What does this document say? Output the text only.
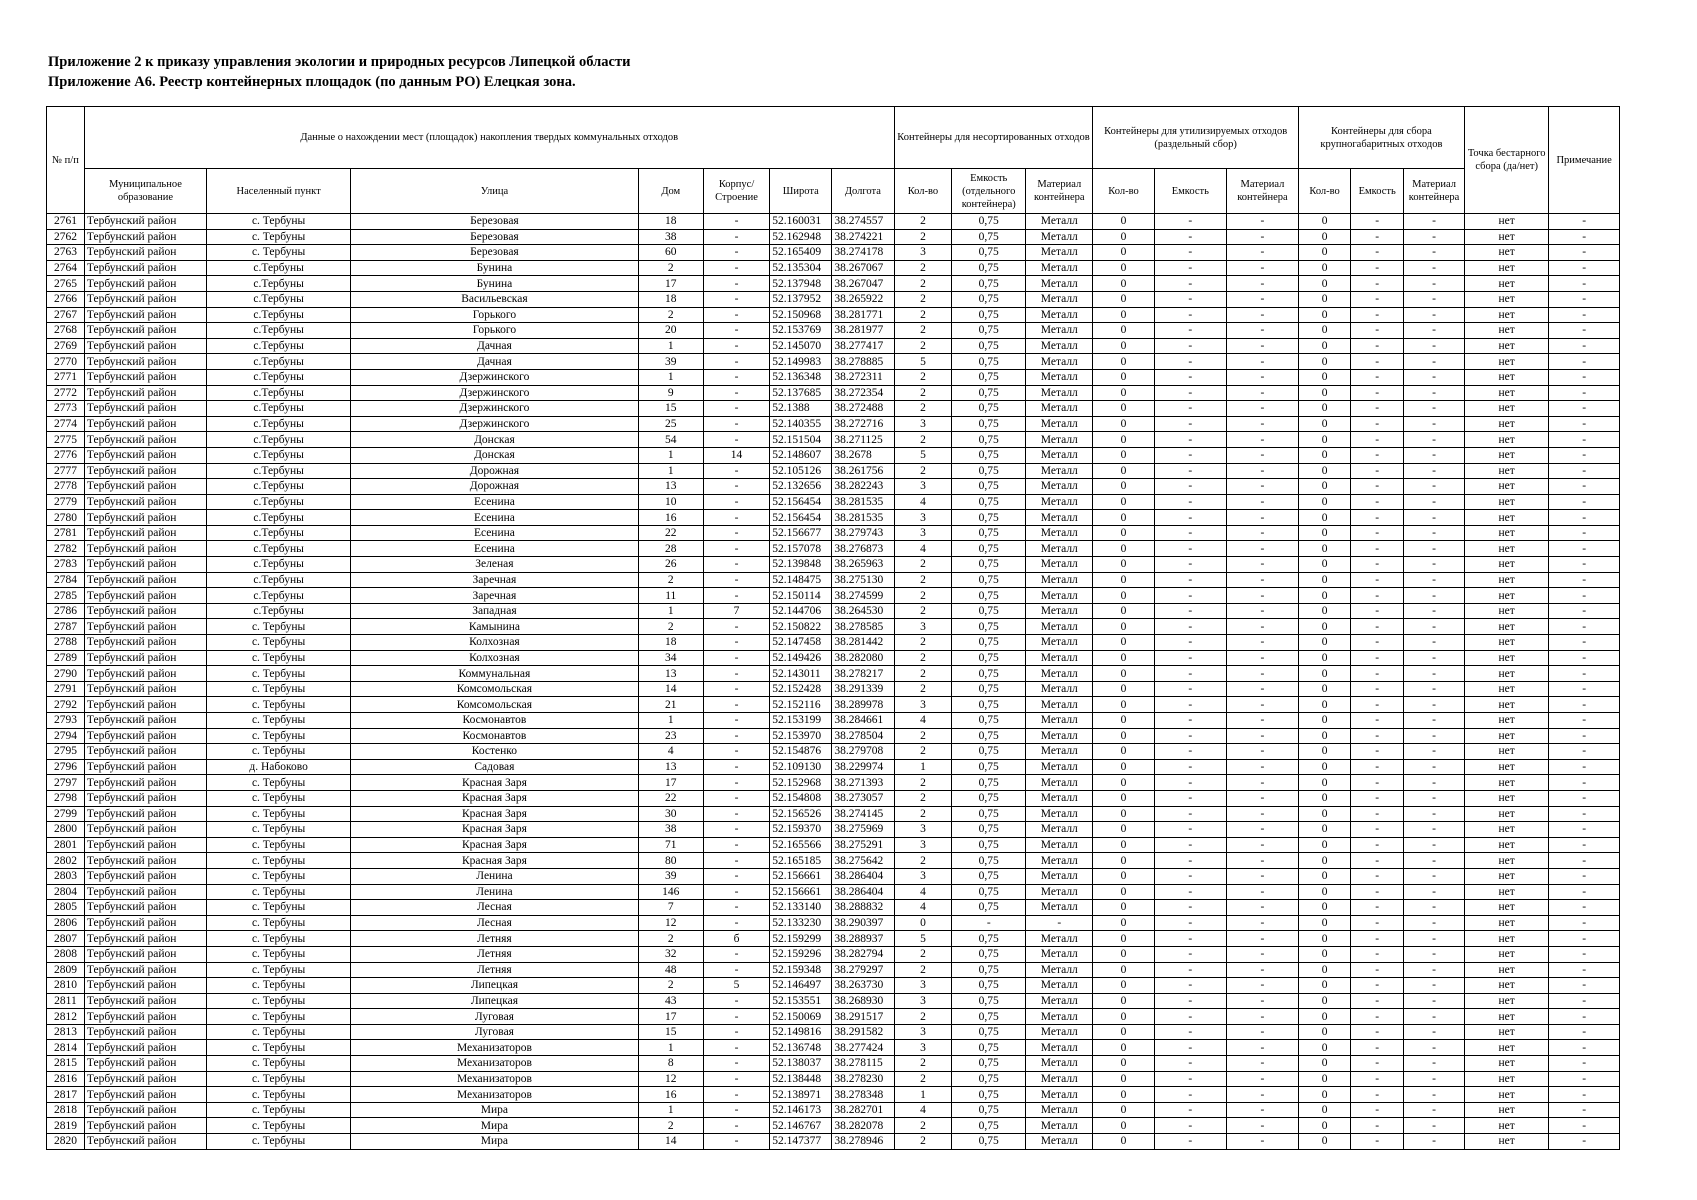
Приложение 2 к приказу управления экологии и природных ресурсов Липецкой области
Приложение А6. Реестр контейнерных площадок (по данным РО) Елецкая зона.
№ п/п	Данные о нахождении мест (площадок) накопления твердых коммунальных отходов							Контейнеры для несортированных отходов			Контейнеры для утилизируемых отходов (раздельный сбор)			Контейнеры для сбора крупногабаритных отходов			Точка бестарного сбора (да/нет)	Примечание
	Муниципальное образование	Населенный пункт	Улица	Дом	Корпус/ Строение	Широта	Долгота	Кол-во	Емкость (отдельного контейнера)	Материал контейнера	Кол-во	Емкость	Материал контейнера	Кол-во	Емкость	Материал контейнера		
2761	Тербунский район	с. Тербуны	Березовая	18	-	52.160031	38.274557	2	0,75	Металл	0	-	-	0	-	-	нет	-
2762	Тербунский район	с. Тербуны	Березовая	38	-	52.162948	38.274221	2	0,75	Металл	0	-	-	0	-	-	нет	-
2763	Тербунский район	с. Тербуны	Березовая	60	-	52.165409	38.274178	3	0,75	Металл	0	-	-	0	-	-	нет	-
2764	Тербунский район	с.Тербуны	Бунина	2	-	52.135304	38.267067	2	0,75	Металл	0	-	-	0	-	-	нет	-
2765	Тербунский район	с.Тербуны	Бунина	17	-	52.137948	38.267047	2	0,75	Металл	0	-	-	0	-	-	нет	-
2766	Тербунский район	с.Тербуны	Васильевская	18	-	52.137952	38.265922	2	0,75	Металл	0	-	-	0	-	-	нет	-
2767	Тербунский район	с.Тербуны	Горького	2	-	52.150968	38.281771	2	0,75	Металл	0	-	-	0	-	-	нет	-
2768	Тербунский район	с.Тербуны	Горького	20	-	52.153769	38.281977	2	0,75	Металл	0	-	-	0	-	-	нет	-
2769	Тербунский район	с.Тербуны	Дачная	1	-	52.145070	38.277417	2	0,75	Металл	0	-	-	0	-	-	нет	-
2770	Тербунский район	с.Тербуны	Дачная	39	-	52.149983	38.278885	5	0,75	Металл	0	-	-	0	-	-	нет	-
2771	Тербунский район	с.Тербуны	Дзержинского	1	-	52.136348	38.272311	2	0,75	Металл	0	-	-	0	-	-	нет	-
2772	Тербунский район	с.Тербуны	Дзержинского	9	-	52.137685	38.272354	2	0,75	Металл	0	-	-	0	-	-	нет	-
2773	Тербунский район	с.Тербуны	Дзержинского	15	-	52.1388	38.272488	2	0,75	Металл	0	-	-	0	-	-	нет	-
2774	Тербунский район	с.Тербуны	Дзержинского	25	-	52.140355	38.272716	3	0,75	Металл	0	-	-	0	-	-	нет	-
2775	Тербунский район	с.Тербуны	Донская	54	-	52.151504	38.271125	2	0,75	Металл	0	-	-	0	-	-	нет	-
2776	Тербунский район	с.Тербуны	Донская	1	14	52.148607	38.2678	5	0,75	Металл	0	-	-	0	-	-	нет	-
2777	Тербунский район	с.Тербуны	Дорожная	1	-	52.105126	38.261756	2	0,75	Металл	0	-	-	0	-	-	нет	-
2778	Тербунский район	с.Тербуны	Дорожная	13	-	52.132656	38.282243	3	0,75	Металл	0	-	-	0	-	-	нет	-
2779	Тербунский район	с.Тербуны	Есенина	10	-	52.156454	38.281535	4	0,75	Металл	0	-	-	0	-	-	нет	-
2780	Тербунский район	с.Тербуны	Есенина	16	-	52.156454	38.281535	3	0,75	Металл	0	-	-	0	-	-	нет	-
2781	Тербунский район	с.Тербуны	Есенина	22	-	52.156677	38.279743	3	0,75	Металл	0	-	-	0	-	-	нет	-
2782	Тербунский район	с.Тербуны	Есенина	28	-	52.157078	38.276873	4	0,75	Металл	0	-	-	0	-	-	нет	-
2783	Тербунский район	с.Тербуны	Зеленая	26	-	52.139848	38.265963	2	0,75	Металл	0	-	-	0	-	-	нет	-
2784	Тербунский район	с.Тербуны	Заречная	2	-	52.148475	38.275130	2	0,75	Металл	0	-	-	0	-	-	нет	-
2785	Тербунский район	с.Тербуны	Заречная	11	-	52.150114	38.274599	2	0,75	Металл	0	-	-	0	-	-	нет	-
2786	Тербунский район	с.Тербуны	Западная	1	7	52.144706	38.264530	2	0,75	Металл	0	-	-	0	-	-	нет	-
2787	Тербунский район	с. Тербуны	Камынина	2	-	52.150822	38.278585	3	0,75	Металл	0	-	-	0	-	-	нет	-
2788	Тербунский район	с. Тербуны	Колхозная	18	-	52.147458	38.281442	2	0,75	Металл	0	-	-	0	-	-	нет	-
2789	Тербунский район	с. Тербуны	Колхозная	34	-	52.149426	38.282080	2	0,75	Металл	0	-	-	0	-	-	нет	-
2790	Тербунский район	с. Тербуны	Коммунальная	13	-	52.143011	38.278217	2	0,75	Металл	0	-	-	0	-	-	нет	-
2791	Тербунский район	с. Тербуны	Комсомольская	14	-	52.152428	38.291339	2	0,75	Металл	0	-	-	0	-	-	нет	-
2792	Тербунский район	с. Тербуны	Комсомольская	21	-	52.152116	38.289978	3	0,75	Металл	0	-	-	0	-	-	нет	-
2793	Тербунский район	с. Тербуны	Космонавтов	1	-	52.153199	38.284661	4	0,75	Металл	0	-	-	0	-	-	нет	-
2794	Тербунский район	с. Тербуны	Космонавтов	23	-	52.153970	38.278504	2	0,75	Металл	0	-	-	0	-	-	нет	-
2795	Тербунский район	с. Тербуны	Костенко	4	-	52.154876	38.279708	2	0,75	Металл	0	-	-	0	-	-	нет	-
2796	Тербунский район	д. Набоково	Садовая	13	-	52.109130	38.229974	1	0,75	Металл	0	-	-	0	-	-	нет	-
2797	Тербунский район	с. Тербуны	Красная Заря	17	-	52.152968	38.271393	2	0,75	Металл	0	-	-	0	-	-	нет	-
2798	Тербунский район	с. Тербуны	Красная Заря	22	-	52.154808	38.273057	2	0,75	Металл	0	-	-	0	-	-	нет	-
2799	Тербунский район	с. Тербуны	Красная Заря	30	-	52.156526	38.274145	2	0,75	Металл	0	-	-	0	-	-	нет	-
2800	Тербунский район	с. Тербуны	Красная Заря	38	-	52.159370	38.275969	3	0,75	Металл	0	-	-	0	-	-	нет	-
2801	Тербунский район	с. Тербуны	Красная Заря	71	-	52.165566	38.275291	3	0,75	Металл	0	-	-	0	-	-	нет	-
2802	Тербунский район	с. Тербуны	Красная Заря	80	-	52.165185	38.275642	2	0,75	Металл	0	-	-	0	-	-	нет	-
2803	Тербунский район	с. Тербуны	Ленина	39	-	52.156661	38.286404	3	0,75	Металл	0	-	-	0	-	-	нет	-
2804	Тербунский район	с. Тербуны	Ленина	146	-	52.156661	38.286404	4	0,75	Металл	0	-	-	0	-	-	нет	-
2805	Тербунский район	с. Тербуны	Лесная	7	-	52.133140	38.288832	4	0,75	Металл	0	-	-	0	-	-	нет	-
2806	Тербунский район	с. Тербуны	Лесная	12	-	52.133230	38.290397	0	-	-	0	-	-	0	-	-	нет	-
2807	Тербунский район	с. Тербуны	Летняя	2	б	52.159299	38.288937	5	0,75	Металл	0	-	-	0	-	-	нет	-
2808	Тербунский район	с. Тербуны	Летняя	32	-	52.159296	38.282794	2	0,75	Металл	0	-	-	0	-	-	нет	-
2809	Тербунский район	с. Тербуны	Летняя	48	-	52.159348	38.279297	2	0,75	Металл	0	-	-	0	-	-	нет	-
2810	Тербунский район	с. Тербуны	Липецкая	2	5	52.146497	38.263730	3	0,75	Металл	0	-	-	0	-	-	нет	-
2811	Тербунский район	с. Тербуны	Липецкая	43	-	52.153551	38.268930	3	0,75	Металл	0	-	-	0	-	-	нет	-
2812	Тербунский район	с. Тербуны	Луговая	17	-	52.150069	38.291517	2	0,75	Металл	0	-	-	0	-	-	нет	-
2813	Тербунский район	с. Тербуны	Луговая	15	-	52.149816	38.291582	3	0,75	Металл	0	-	-	0	-	-	нет	-
2814	Тербунский район	с. Тербуны	Механизаторов	1	-	52.136748	38.277424	3	0,75	Металл	0	-	-	0	-	-	нет	-
2815	Тербунский район	с. Тербуны	Механизаторов	8	-	52.138037	38.278115	2	0,75	Металл	0	-	-	0	-	-	нет	-
2816	Тербунский район	с. Тербуны	Механизаторов	12	-	52.138448	38.278230	2	0,75	Металл	0	-	-	0	-	-	нет	-
2817	Тербунский район	с. Тербуны	Механизаторов	16	-	52.138971	38.278348	1	0,75	Металл	0	-	-	0	-	-	нет	-
2818	Тербунский район	с. Тербуны	Мира	1	-	52.146173	38.282701	4	0,75	Металл	0	-	-	0	-	-	нет	-
2819	Тербунский район	с. Тербуны	Мира	2	-	52.146767	38.282078	2	0,75	Металл	0	-	-	0	-	-	нет	-
2820	Тербунский район	с. Тербуны	Мира	14	-	52.147377	38.278946	2	0,75	Металл	0	-	-	0	-	-	нет	-
